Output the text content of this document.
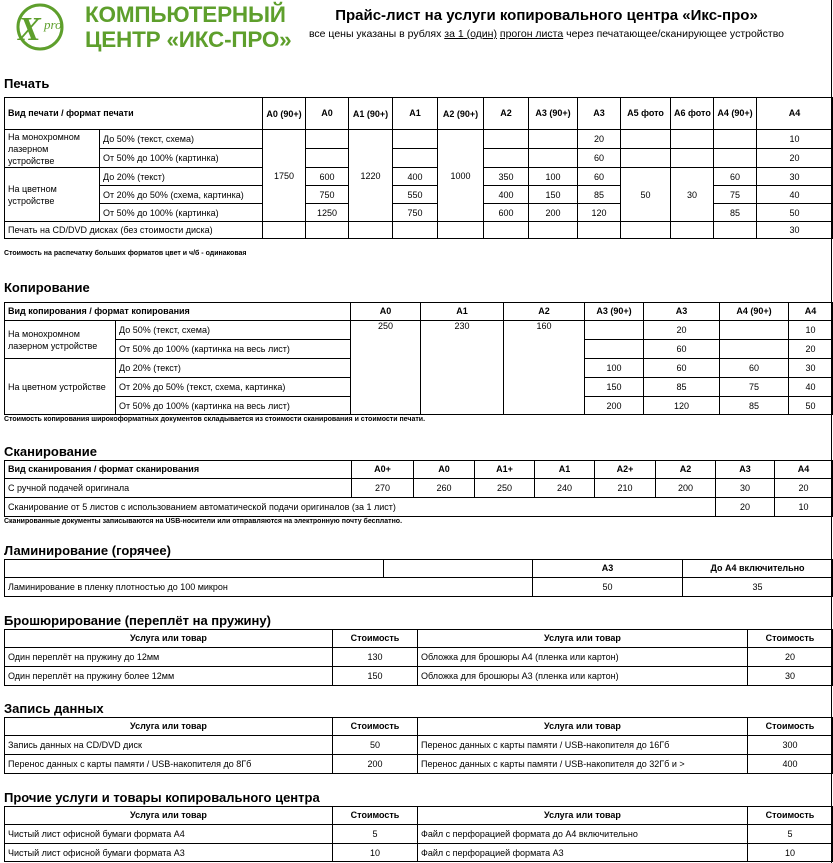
X pro КОМПЬЮТЕРНЫЙ
ЦЕНТР «ИКС-ПРО»
Прайс-лист на услуги копировального центра «Икс-про»
все цены указаны в рублях за 1 (один) прогон листа через печатающее/сканирующее устройство
Печать
Вид печати / формат печати		А0 (90+)	А0	А1 (90+)	А1	А2 (90+)	А2	А3 (90+)	А3	А5 фото	А6 фото	А4 (90+)	А4
На монохромном лазерном устройстве	До 50% (текст, схема)	1750		1220		1000			20				10
	От 50% до 100% (картинка)								60				20
На цветном устройстве	До 20% (текст)		600		400		350	100	60	50	30	60	30
	От 20% до 50% (схема, картинка)		750		550		400	150	85			75	40
	От 50% до 100% (картинка)		1250		750		600	200	120			85	50
Печать на CD/DVD дисках (без стоимости диска)													30
Стоимость на распечатку больших форматов цвет и ч/б - одинаковая
Копирование
Вид копирования / формат копирования		А0	А1	А2	А3 (90+)	А3	А4 (90+)	А4
На монохромном лазерном устройстве	До 50% (текст, схема)	250	230	160		20		10
	От 50% до 100% (картинка на весь лист)					60		20
На цветном устройстве	До 20% (текст)				100	60	60	30
	От 20% до 50% (текст, схема, картинка)				150	85	75	40
	От 50% до 100% (картинка на весь лист)				200	120	85	50
Стоимость копирования широкоформатных документов складывается из стоимости сканирования и стоимости печати.
Сканирование
Вид сканирования / формат сканирования	А0+	А0	А1+	А1	А2+	А2	А3	А4
С ручной подачей оригинала	270	260	250	240	210	200	30	20
Сканирование от 5 листов с использованием автоматической подачи оригиналов (за 1 лист)							20	10
Сканированные документы записываются на USB-носители или отправляются на электронную почту бесплатно.
Ламинирование (горячее)
		А3	До А4 включительно
Ламинирование в пленку плотностью до 100 микрон		50	35
Брошюрирование (переплёт на пружину)
Услуга или товар	Стоимость	Услуга или товар	Стоимость
Один переплёт на пружину до 12мм	130	Обложка для брошюры А4 (пленка или картон)	20
Один переплёт на пружину более 12мм	150	Обложка для брошюры А3 (пленка или картон)	30
Запись данных
Услуга или товар	Стоимость	Услуга или товар	Стоимость
Запись данных на CD/DVD диск	50	Перенос данных с карты памяти / USB-накопителя до 16Гб	300
Перенос данных с карты памяти / USB-накопителя до 8Гб	200	Перенос данных с карты памяти / USB-накопителя до 32Гб и >	400
Прочие услуги и товары копировального центра
Услуга или товар	Стоимость	Услуга или товар	Стоимость
Чистый лист офисной бумаги формата А4	5	Файл с перфорацией формата до А4 включительно	5
Чистый лист офисной бумаги формата А3	10	Файл с перфорацией формата А3	10
